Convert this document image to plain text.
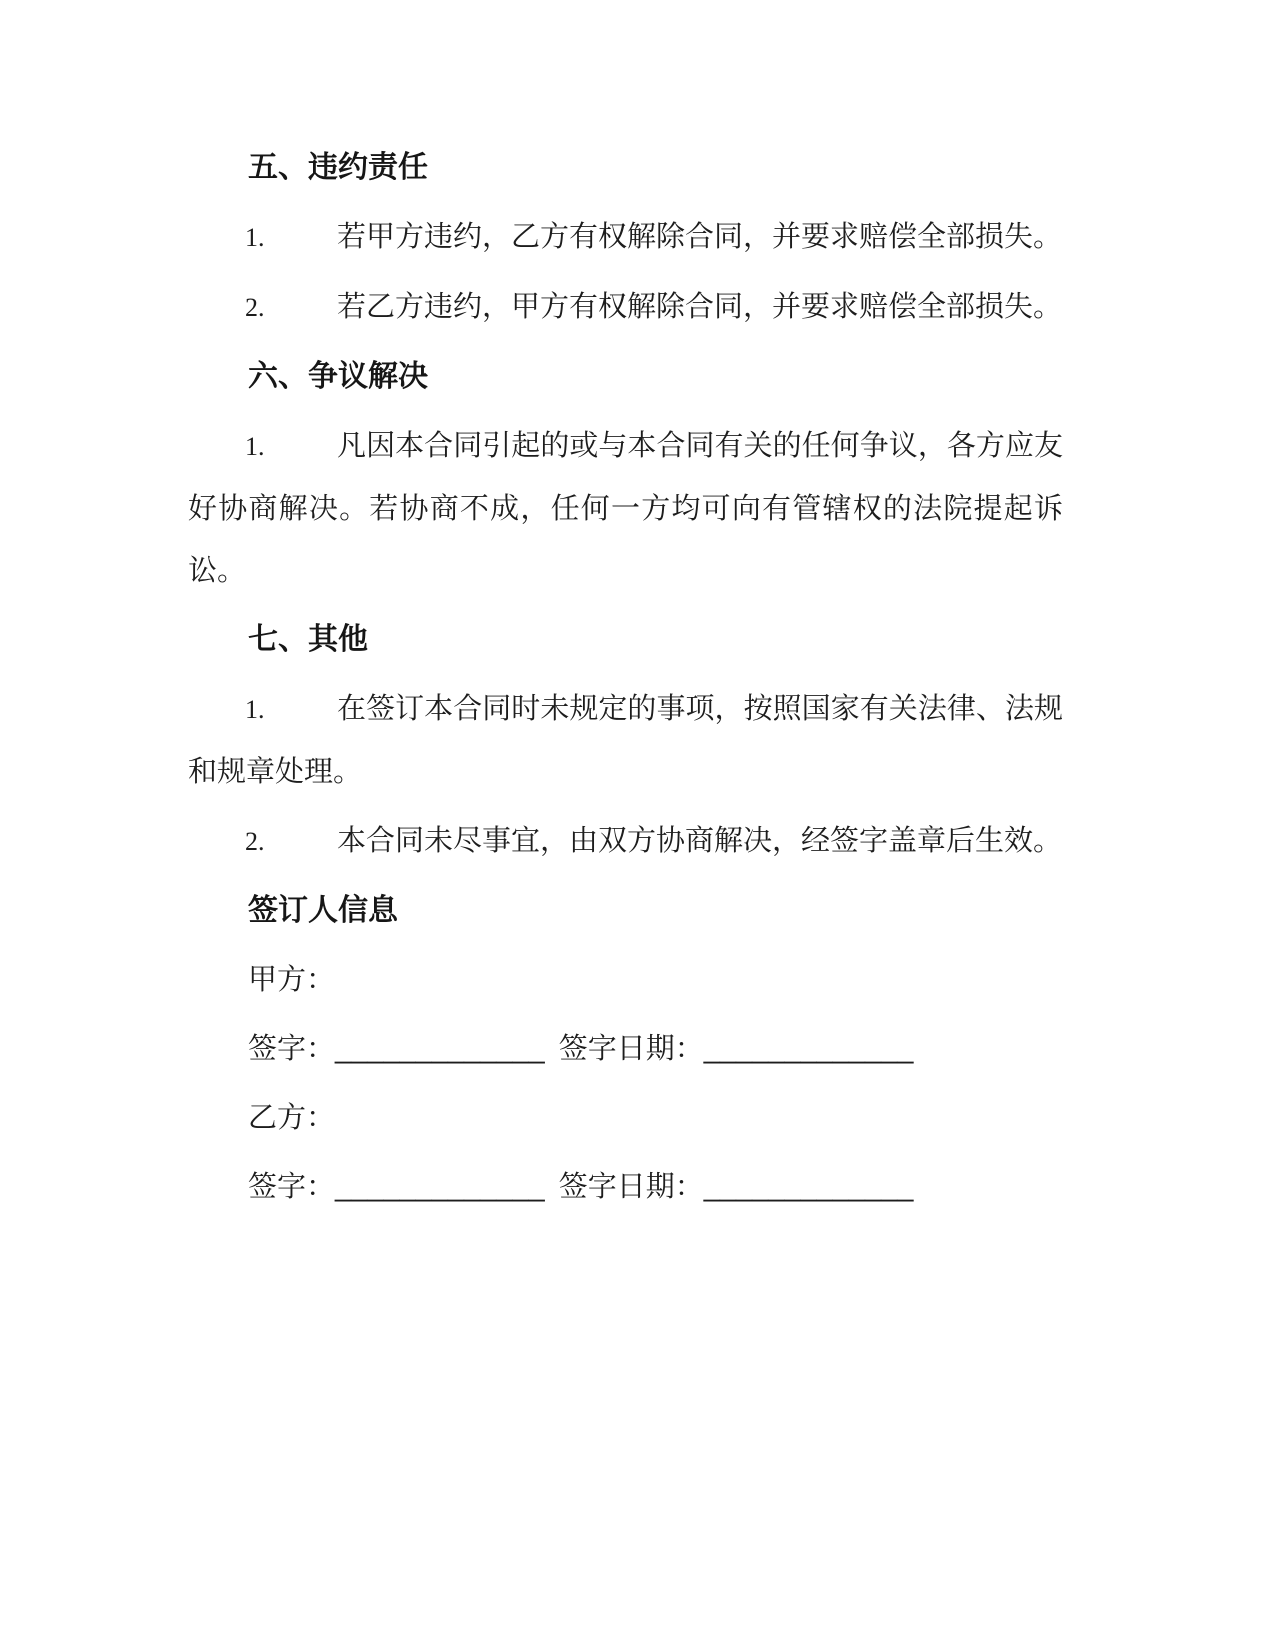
五、违约责任

1.	若甲方违约，乙方有权解除合同，并要求赔偿全部损失。

2.	若乙方违约，甲方有权解除合同，并要求赔偿全部损失。

六、争议解决

1.	凡因本合同引起的或与本合同有关的任何争议，各方应友好协商解决。若协商不成，任何一方均可向有管辖权的法院提起诉讼。

七、其他

1.	在签订本合同时未规定的事项，按照国家有关法律、法规和规章处理。

2.	本合同未尽事宜，由双方协商解决，经签字盖章后生效。

签订人信息

甲方：

签字：_____________ 签字日期：_____________

乙方：

签字：_____________ 签字日期：_____________
